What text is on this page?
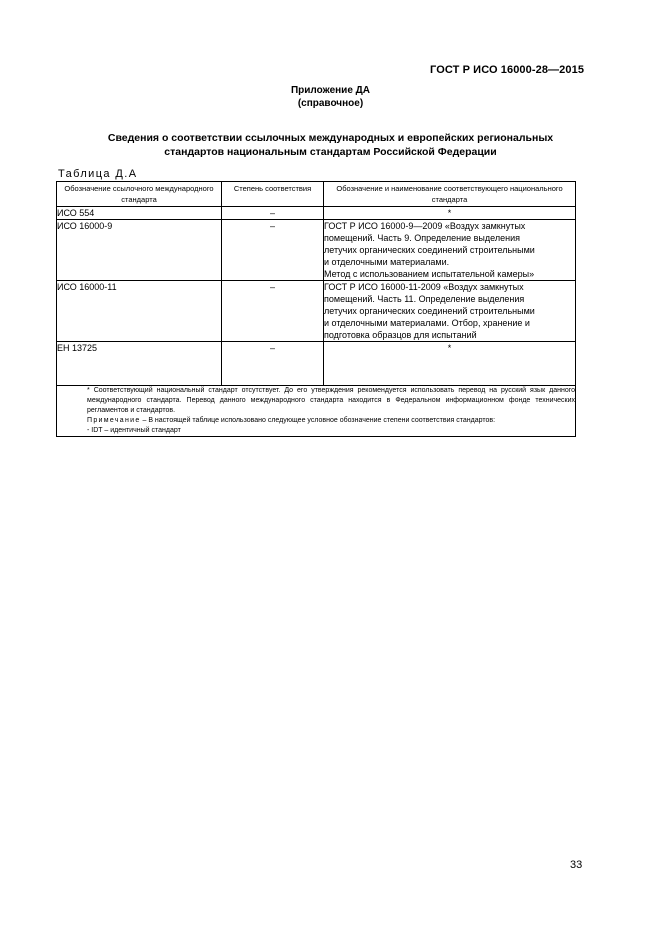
ГОСТ Р ИСО 16000-28—2015
Приложение ДА
(справочное)
Сведения о соответствии ссылочных международных и европейских региональных
стандартов национальным стандартам Российской Федерации
Таблица Д.А
Обозначение ссылочного международного стандарта	Степень соответствия	Обозначение и наименование соответствующего национального стандарта
ИСО 554	–	*
ИСО 16000-9	–	ГОСТ Р ИСО 16000-9—2009 «Воздух замкнутых
помещений. Часть 9. Определение выделения
летучих органических соединений строительными
и отделочными материалами.
Метод с использованием испытательной камеры»

ИСО 16000-11	–	ГОСТ Р ИСО 16000-11-2009 «Воздух замкнутых
помещений. Часть 11. Определение выделения
летучих органических соединений строительными
и отделочными материалами. Отбор, хранение и
подготовка образцов для испытаний

ЕН 13725	–	*

* Соответствующий национальный стандарт отсутствует. До его утверждения рекомендуется использовать перевод на русский язык данного международного стандарта. Перевод данного международного стандарта находится в Федеральном информационном фонде технических регламентов и стандартов.

Примечание – В настоящей таблице использовано следующее условное обозначение степени соответствия стандартов:

- IDT – идентичный стандарт		

33
